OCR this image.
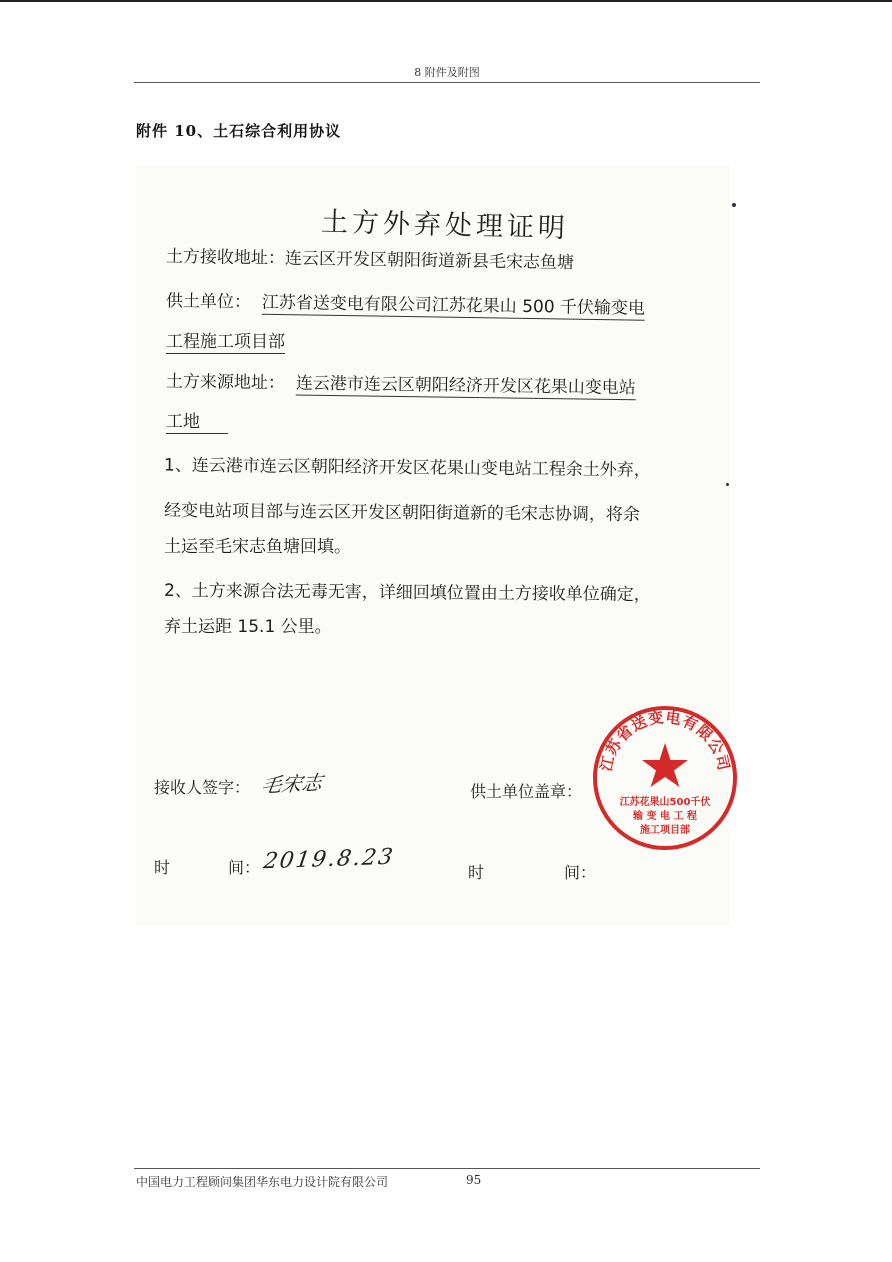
8 附件及附图
附件 10、土石综合利用协议
土方外弃处理证明
土方接收地址：连云区开发区朝阳街道新县毛宋志鱼塘
供土单位： 江苏省送变电有限公司江苏花果山 500 千伏输变电
工程施工项目部
土方来源地址： 连云港市连云区朝阳经济开发区花果山变电站
工地
1、连云港市连云区朝阳经济开发区花果山变电站工程余土外弃，
经变电站项目部与连云区开发区朝阳街道新的毛宋志协调，将余
土运至毛宋志鱼塘回填。
2、土方来源合法无毒无害，详细回填位置由土方接收单位确定，
弃土运距 15.1 公里。
接收人签字： 毛宋志	供土单位盖章：
时	间： 2019.8.23	时	间：
江苏省送变电有限公司
江苏花果山500千伏
输 变 电 工 程
施工项目部
中国电力工程顾问集团华东电力设计院有限公司	95
